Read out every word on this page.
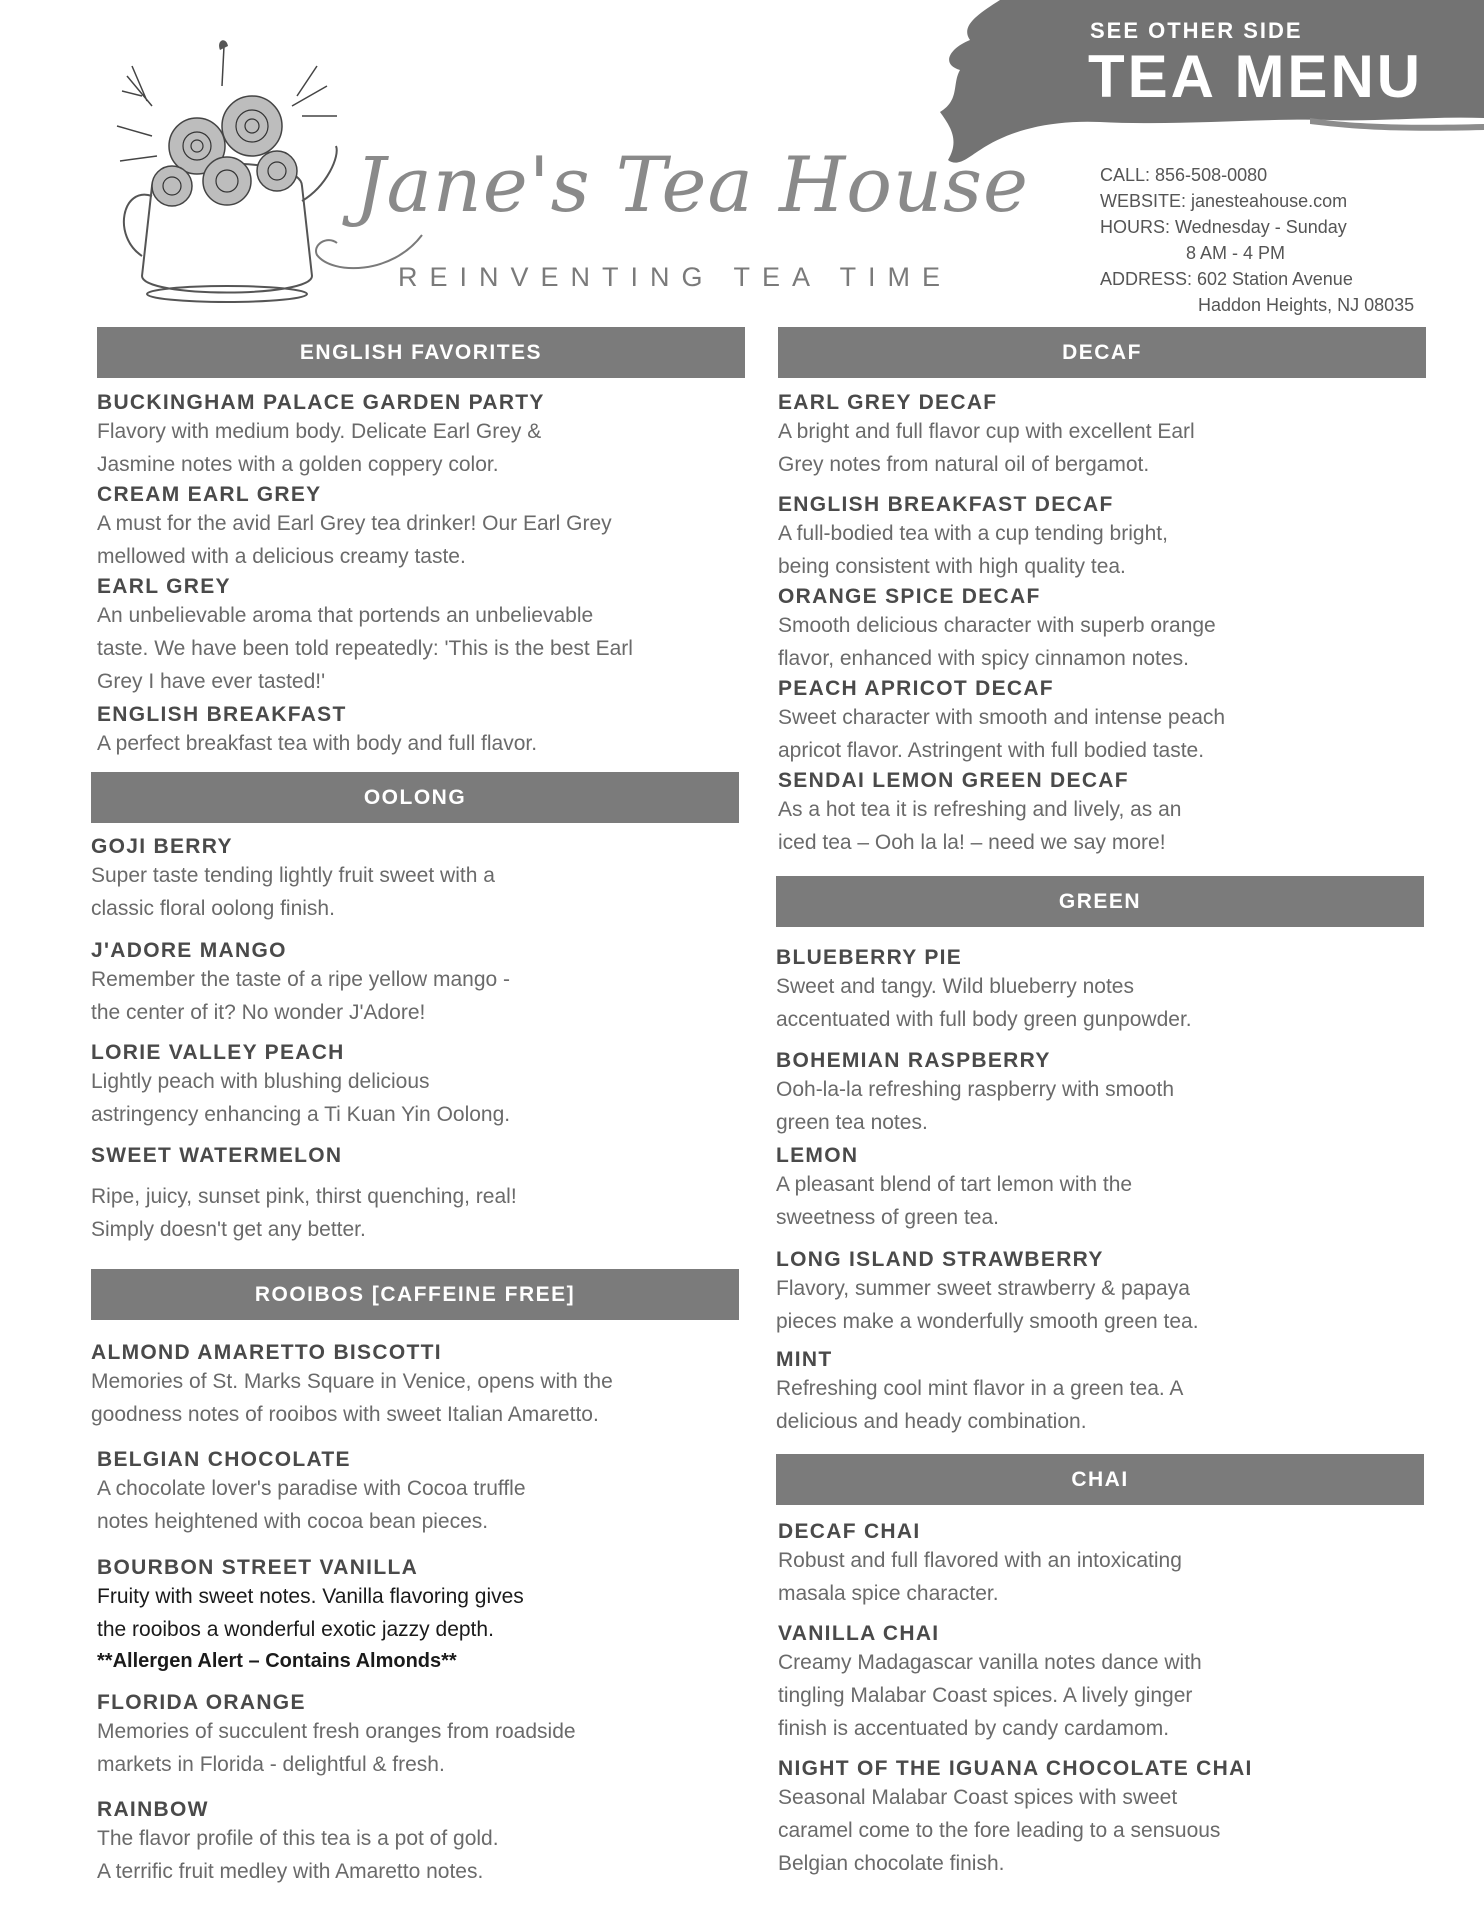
SEE OTHER SIDE
TEA MENU
CALL: 856-508-0080
WEBSITE: janesteahouse.com
HOURS: Wednesday - Sunday
8 AM - 4 PM
ADDRESS: 602 Station Avenue
Haddon Heights, NJ 08035
Jane's Tea House
REINVENTING TEA TIME
ENGLISH FAVORITES
BUCKINGHAM PALACE GARDEN PARTY
Flavory with medium body. Delicate Earl Grey &
Jasmine notes with a golden coppery color.
CREAM EARL GREY
A must for the avid Earl Grey tea drinker! Our Earl Grey
mellowed with a delicious creamy taste.
EARL GREY
An unbelievable aroma that portends an unbelievable
taste. We have been told repeatedly: 'This is the best Earl
Grey I have ever tasted!'
ENGLISH BREAKFAST
A perfect breakfast tea with body and full flavor.
OOLONG
GOJI BERRY
Super taste tending lightly fruit sweet with a
classic floral oolong finish.
J'ADORE MANGO
Remember the taste of a ripe yellow mango -
the center of it? No wonder J'Adore!
LORIE VALLEY PEACH
Lightly peach with blushing delicious
astringency enhancing a Ti Kuan Yin Oolong.
SWEET WATERMELON
Ripe, juicy, sunset pink, thirst quenching, real!
Simply doesn't get any better.
ROOIBOS [CAFFEINE FREE]
ALMOND AMARETTO BISCOTTI
Memories of St. Marks Square in Venice, opens with the
goodness notes of rooibos with sweet Italian Amaretto.
BELGIAN CHOCOLATE
A chocolate lover's paradise with Cocoa truffle
notes heightened with cocoa bean pieces.
BOURBON STREET VANILLA
Fruity with sweet notes. Vanilla flavoring gives
the rooibos a wonderful exotic jazzy depth.
**Allergen Alert – Contains Almonds**
FLORIDA ORANGE
Memories of succulent fresh oranges from roadside
markets in Florida - delightful & fresh.
RAINBOW
The flavor profile of this tea is a pot of gold.
A terrific fruit medley with Amaretto notes.
DECAF
EARL GREY DECAF
A bright and full flavor cup with excellent Earl
Grey notes from natural oil of bergamot.
ENGLISH BREAKFAST DECAF
A full-bodied tea with a cup tending bright,
being consistent with high quality tea.
ORANGE SPICE DECAF
Smooth delicious character with superb orange
flavor, enhanced with spicy cinnamon notes.
PEACH APRICOT DECAF
Sweet character with smooth and intense peach
apricot flavor. Astringent with full bodied taste.
SENDAI LEMON GREEN DECAF
As a hot tea it is refreshing and lively, as an
iced tea – Ooh la la! – need we say more!
GREEN
BLUEBERRY PIE
Sweet and tangy. Wild blueberry notes
accentuated with full body green gunpowder.
BOHEMIAN RASPBERRY
Ooh-la-la refreshing raspberry with smooth
green tea notes.
LEMON
A pleasant blend of tart lemon with the
sweetness of green tea.
LONG ISLAND STRAWBERRY
Flavory, summer sweet strawberry & papaya
pieces make a wonderfully smooth green tea.
MINT
Refreshing cool mint flavor in a green tea. A
delicious and heady combination.
CHAI
DECAF CHAI
Robust and full flavored with an intoxicating
masala spice character.
VANILLA CHAI
Creamy Madagascar vanilla notes dance with
tingling Malabar Coast spices. A lively ginger
finish is accentuated by candy cardamom.
NIGHT OF THE IGUANA CHOCOLATE CHAI
Seasonal Malabar Coast spices with sweet
caramel come to the fore leading to a sensuous
Belgian chocolate finish.
